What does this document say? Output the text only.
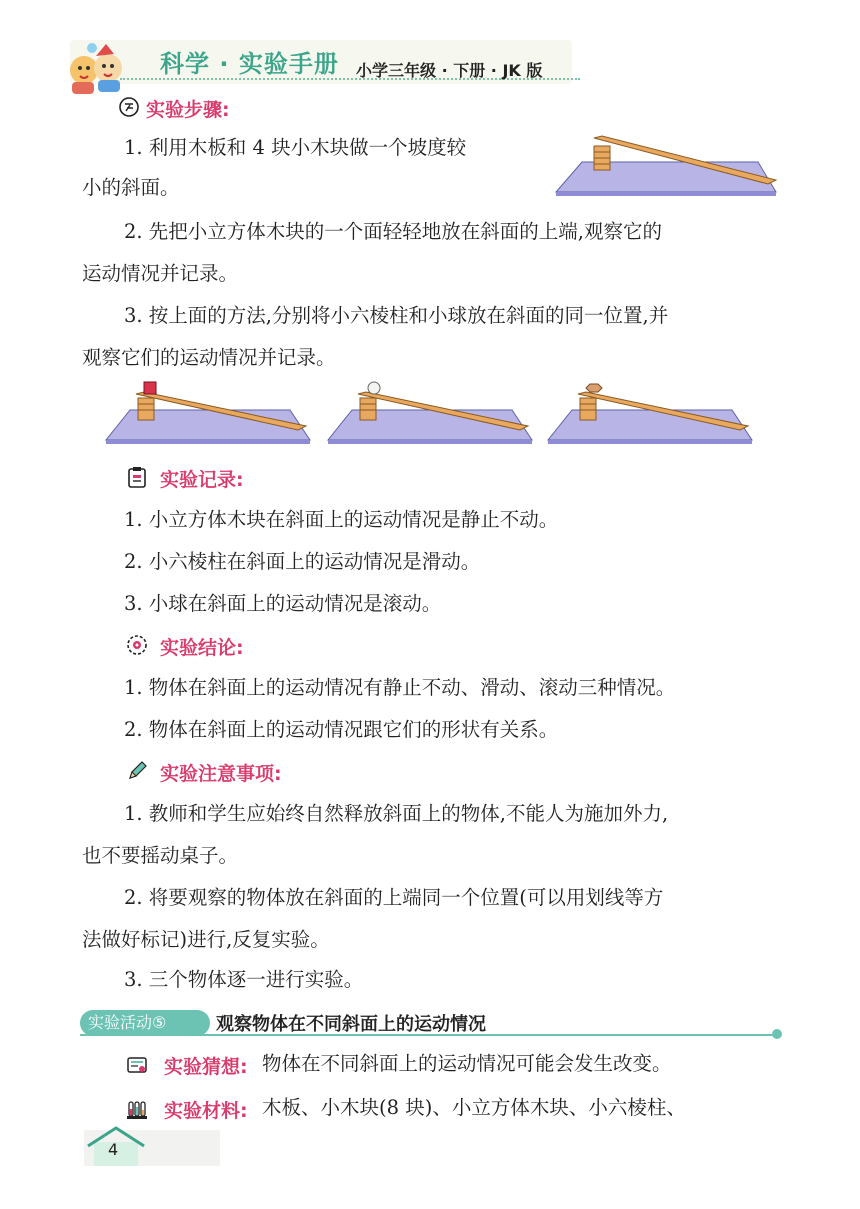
科学 · 实验手册 小学三年级 · 下册 · JK 版
实验步骤:
1. 利用木板和 4 块小木块做一个坡度较
小的斜面。
2. 先把小立方体木块的一个面轻轻地放在斜面的上端,观察它的
运动情况并记录。
3. 按上面的方法,分别将小六棱柱和小球放在斜面的同一位置,并
观察它们的运动情况并记录。
实验记录:
1. 小立方体木块在斜面上的运动情况是静止不动。
2. 小六棱柱在斜面上的运动情况是滑动。
3. 小球在斜面上的运动情况是滚动。
实验结论:
1. 物体在斜面上的运动情况有静止不动、滑动、滚动三种情况。
2. 物体在斜面上的运动情况跟它们的形状有关系。
实验注意事项:
1. 教师和学生应始终自然释放斜面上的物体,不能人为施加外力,
也不要摇动桌子。
2. 将要观察的物体放在斜面的上端同一个位置(可以用划线等方
法做好标记)进行,反复实验。
3. 三个物体逐一进行实验。
实验活动⑤	观察物体在不同斜面上的运动情况
实验猜想: 物体在不同斜面上的运动情况可能会发生改变。
实验材料: 木板、小木块(8 块)、小立方体木块、小六棱柱、
4
